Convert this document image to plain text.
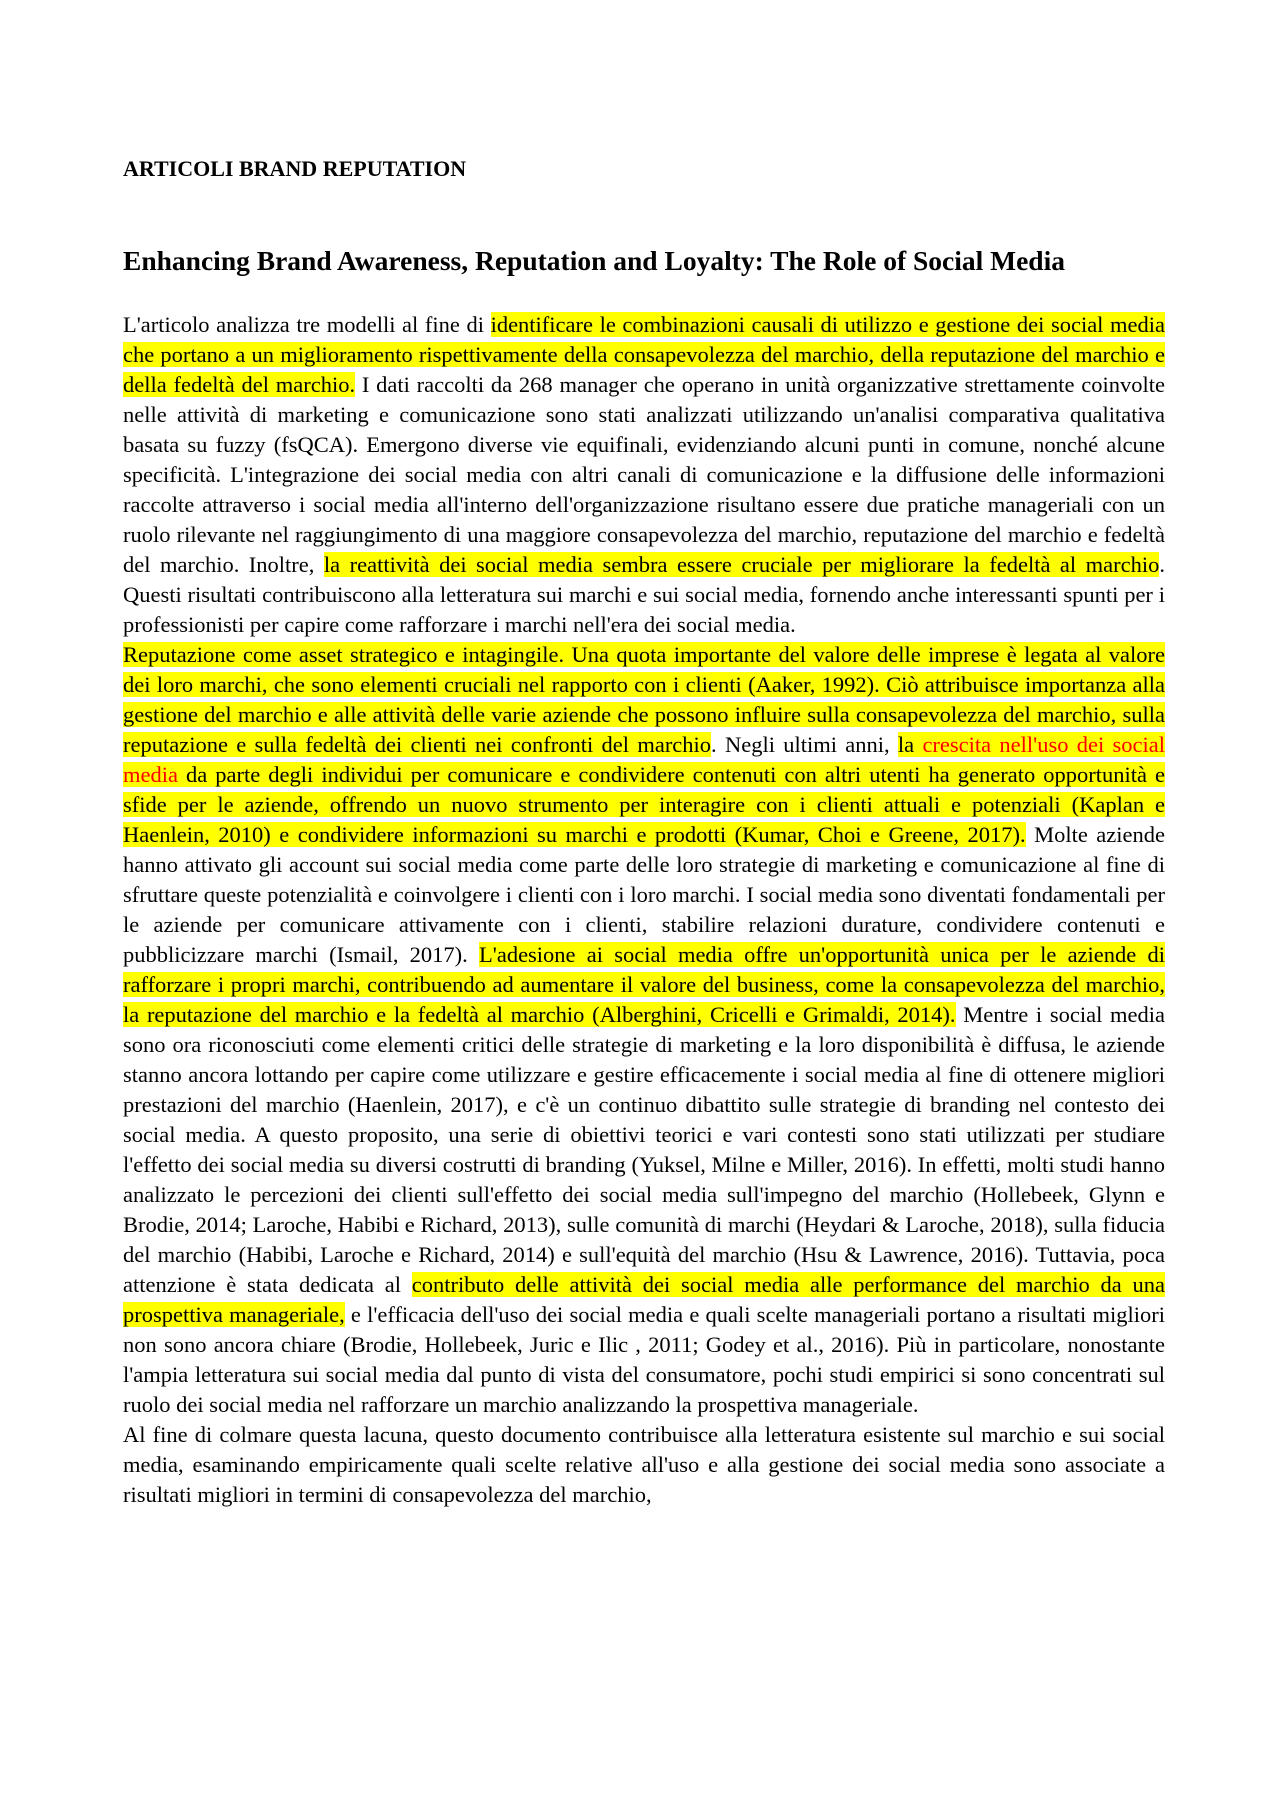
ARTICOLI BRAND REPUTATION
Enhancing Brand Awareness, Reputation and Loyalty: The Role of Social Media

L'articolo analizza tre modelli al fine di identificare le combinazioni causali di utilizzo e gestione dei social media che portano a un miglioramento rispettivamente della consapevolezza del marchio, della reputazione del marchio e della fedeltà del marchio. I dati raccolti da 268 manager che operano in unità organizzative strettamente coinvolte nelle attività di marketing e comunicazione sono stati analizzati utilizzando un'analisi comparativa qualitativa basata su fuzzy (fsQCA). Emergono diverse vie equifinali, evidenziando alcuni punti in comune, nonché alcune specificità. L'integrazione dei social media con altri canali di comunicazione e la diffusione delle informazioni raccolte attraverso i social media all'interno dell'organizzazione risultano essere due pratiche manageriali con un ruolo rilevante nel raggiungimento di una maggiore consapevolezza del marchio, reputazione del marchio e fedeltà del marchio. Inoltre, la reattività dei social media sembra essere cruciale per migliorare la fedeltà al marchio. Questi risultati contribuiscono alla letteratura sui marchi e sui social media, fornendo anche interessanti spunti per i professionisti per capire come rafforzare i marchi nell'era dei social media.

Reputazione come asset strategico e intagingile. Una quota importante del valore delle imprese è legata al valore dei loro marchi, che sono elementi cruciali nel rapporto con i clienti (Aaker, 1992). Ciò attribuisce importanza alla gestione del marchio e alle attività delle varie aziende che possono influire sulla consapevolezza del marchio, sulla reputazione e sulla fedeltà dei clienti nei confronti del marchio. Negli ultimi anni, la crescita nell'uso dei social media da parte degli individui per comunicare e condividere contenuti con altri utenti ha generato opportunità e sfide per le aziende, offrendo un nuovo strumento per interagire con i clienti attuali e potenziali (Kaplan e Haenlein, 2010) e condividere informazioni su marchi e prodotti (Kumar, Choi e Greene, 2017). Molte aziende hanno attivato gli account sui social media come parte delle loro strategie di marketing e comunicazione al fine di sfruttare queste potenzialità e coinvolgere i clienti con i loro marchi. I social media sono diventati fondamentali per le aziende per comunicare attivamente con i clienti, stabilire relazioni durature, condividere contenuti e pubblicizzare marchi (Ismail, 2017). L'adesione ai social media offre un'opportunità unica per le aziende di rafforzare i propri marchi, contribuendo ad aumentare il valore del business, come la consapevolezza del marchio, la reputazione del marchio e la fedeltà al marchio (Alberghini, Cricelli e Grimaldi, 2014). Mentre i social media sono ora riconosciuti come elementi critici delle strategie di marketing e la loro disponibilità è diffusa, le aziende stanno ancora lottando per capire come utilizzare e gestire efficacemente i social media al fine di ottenere migliori prestazioni del marchio (Haenlein, 2017), e c'è un continuo dibattito sulle strategie di branding nel contesto dei social media. A questo proposito, una serie di obiettivi teorici e vari contesti sono stati utilizzati per studiare l'effetto dei social media su diversi costrutti di branding (Yuksel, Milne e Miller, 2016). In effetti, molti studi hanno analizzato le percezioni dei clienti sull'effetto dei social media sull'impegno del marchio (Hollebeek, Glynn e Brodie, 2014; Laroche, Habibi e Richard, 2013), sulle comunità di marchi (Heydari & Laroche, 2018), sulla fiducia del marchio (Habibi, Laroche e Richard, 2014) e sull'equità del marchio (Hsu & Lawrence, 2016). Tuttavia, poca attenzione è stata dedicata al contributo delle attività dei social media alle performance del marchio da una prospettiva manageriale, e l'efficacia dell'uso dei social media e quali scelte manageriali portano a risultati migliori non sono ancora chiare (Brodie, Hollebeek, Juric e Ilic , 2011; Godey et al., 2016). Più in particolare, nonostante l'ampia letteratura sui social media dal punto di vista del consumatore, pochi studi empirici si sono concentrati sul ruolo dei social media nel rafforzare un marchio analizzando la prospettiva manageriale.

Al fine di colmare questa lacuna, questo documento contribuisce alla letteratura esistente sul marchio e sui social media, esaminando empiricamente quali scelte relative all'uso e alla gestione dei social media sono associate a risultati migliori in termini di consapevolezza del marchio,
